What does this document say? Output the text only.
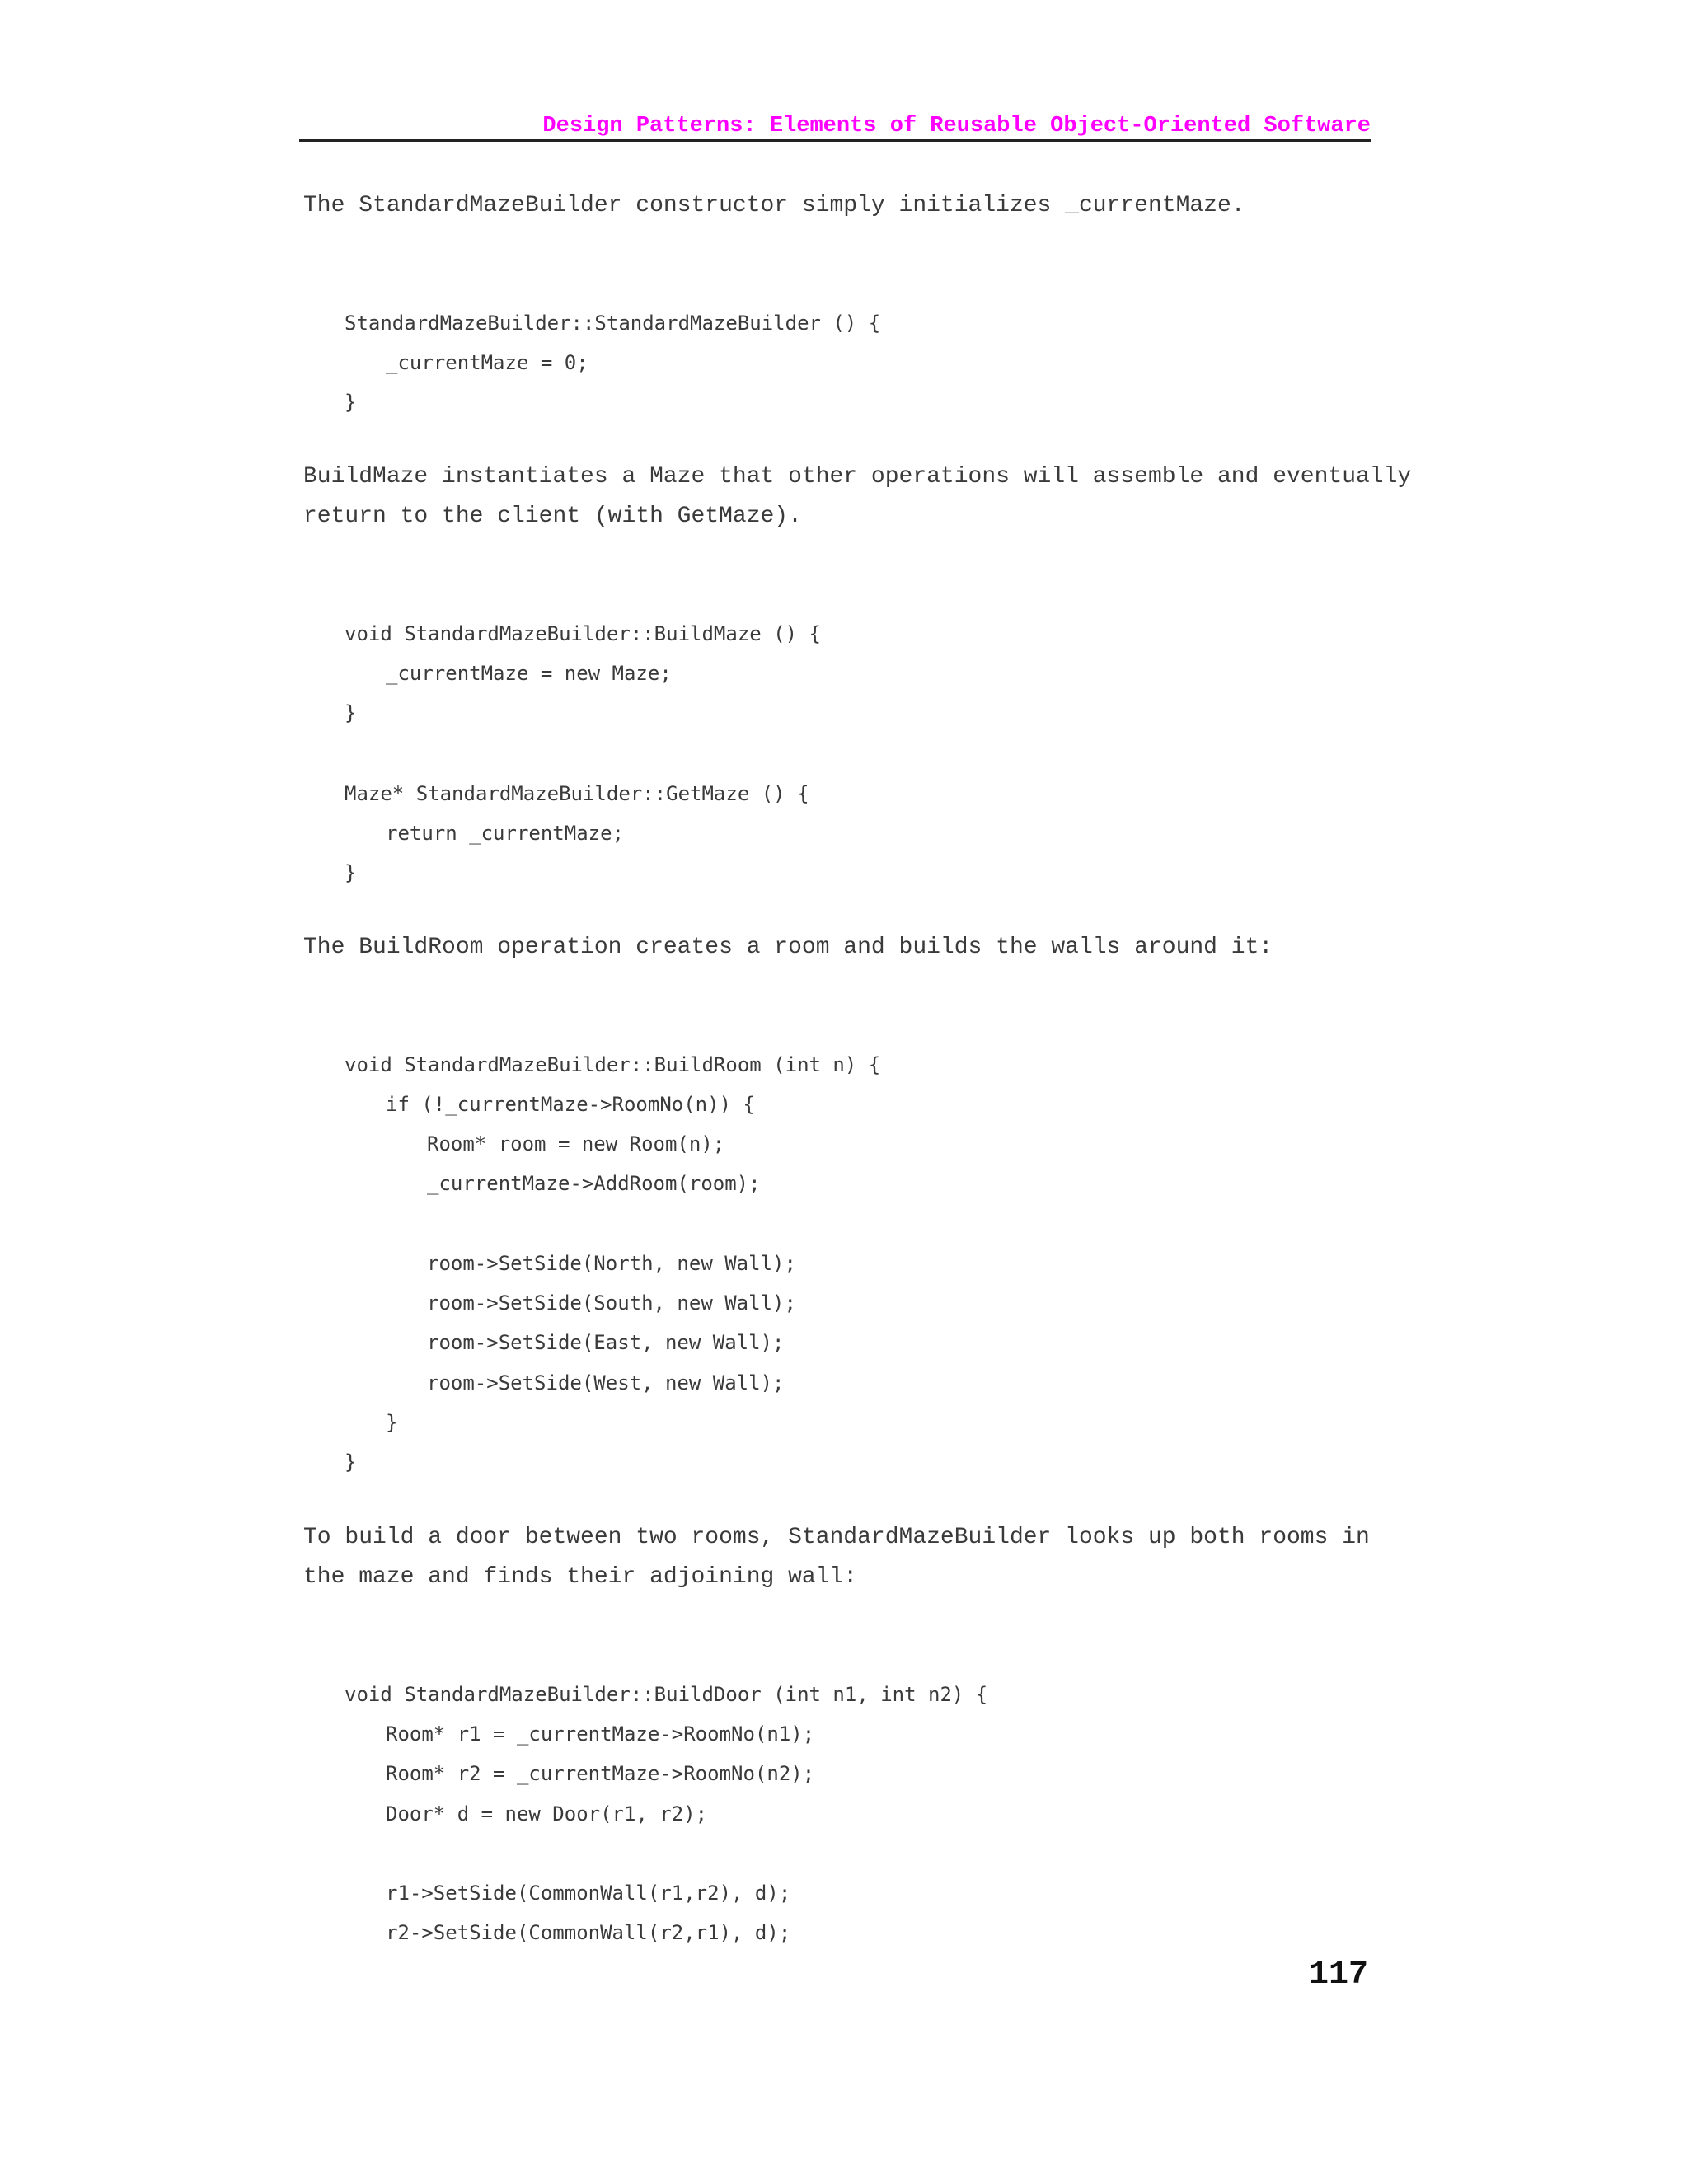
Design Patterns: Elements of Reusable Object-Oriented Software

The StandardMazeBuilder constructor simply initializes _currentMaze.

StandardMazeBuilder::StandardMazeBuilder () {
_currentMaze = 0;
}

BuildMaze instantiates a Maze that other operations will assemble and eventually

return to the client (with GetMaze).

void StandardMazeBuilder::BuildMaze () {
_currentMaze = new Maze;
}
Maze* StandardMazeBuilder::GetMaze () {
return _currentMaze;
}

The BuildRoom operation creates a room and builds the walls around it:

void StandardMazeBuilder::BuildRoom (int n) {
if (!_currentMaze->RoomNo(n)) {
Room* room = new Room(n);
_currentMaze->AddRoom(room);
room->SetSide(North, new Wall);
room->SetSide(South, new Wall);
room->SetSide(East, new Wall);
room->SetSide(West, new Wall);
}
}

To build a door between two rooms, StandardMazeBuilder looks up both rooms in

the maze and finds their adjoining wall:

void StandardMazeBuilder::BuildDoor (int n1, int n2) {
Room* r1 = _currentMaze->RoomNo(n1);
Room* r2 = _currentMaze->RoomNo(n2);
Door* d = new Door(r1, r2);
r1->SetSide(CommonWall(r1,r2), d);
r2->SetSide(CommonWall(r2,r1), d);
117
